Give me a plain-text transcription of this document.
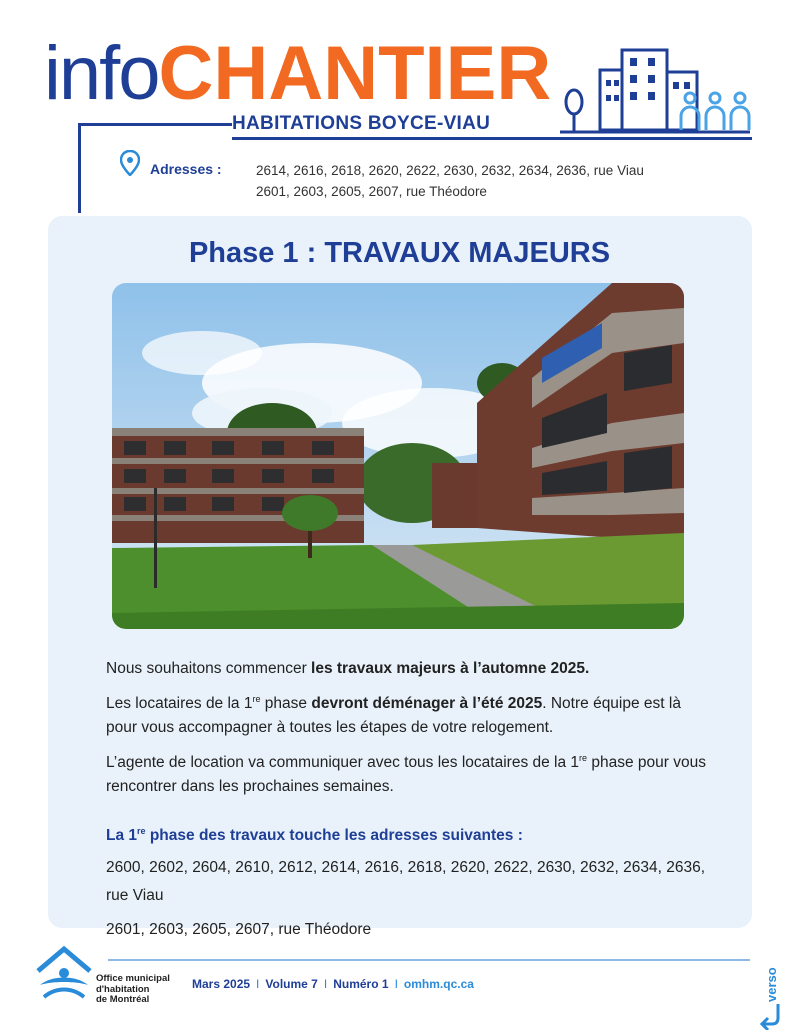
infoCHANTIER
HABITATIONS BOYCE-VIAU
Adresses :	2614, 2616, 2618, 2620, 2622, 2630, 2632, 2634, 2636, rue Viau
2601, 2603, 2605, 2607, rue Théodore
Phase 1 : TRAVAUX MAJEURS

Nous souhaitons commencer les travaux majeurs à l’automne 2025.

Les locataires de la 1re phase devront déménager à l’été 2025. Notre équipe est là pour vous accompagner à toutes les étapes de votre relogement.

L’agente de location va communiquer avec tous les locataires de la 1re phase pour vous rencontrer dans les prochaines semaines.

La 1re phase des travaux touche les adresses suivantes :

2600, 2602, 2604, 2610, 2612, 2614, 2616, 2618, 2620, 2622, 2630, 2632, 2634, 2636, rue Viau

2601, 2603, 2605, 2607, rue Théodore

Office municipal
d'habitation
de Montréal
Mars 2025 I Volume 7 I Numéro 1 I omhm.qc.ca	verso
